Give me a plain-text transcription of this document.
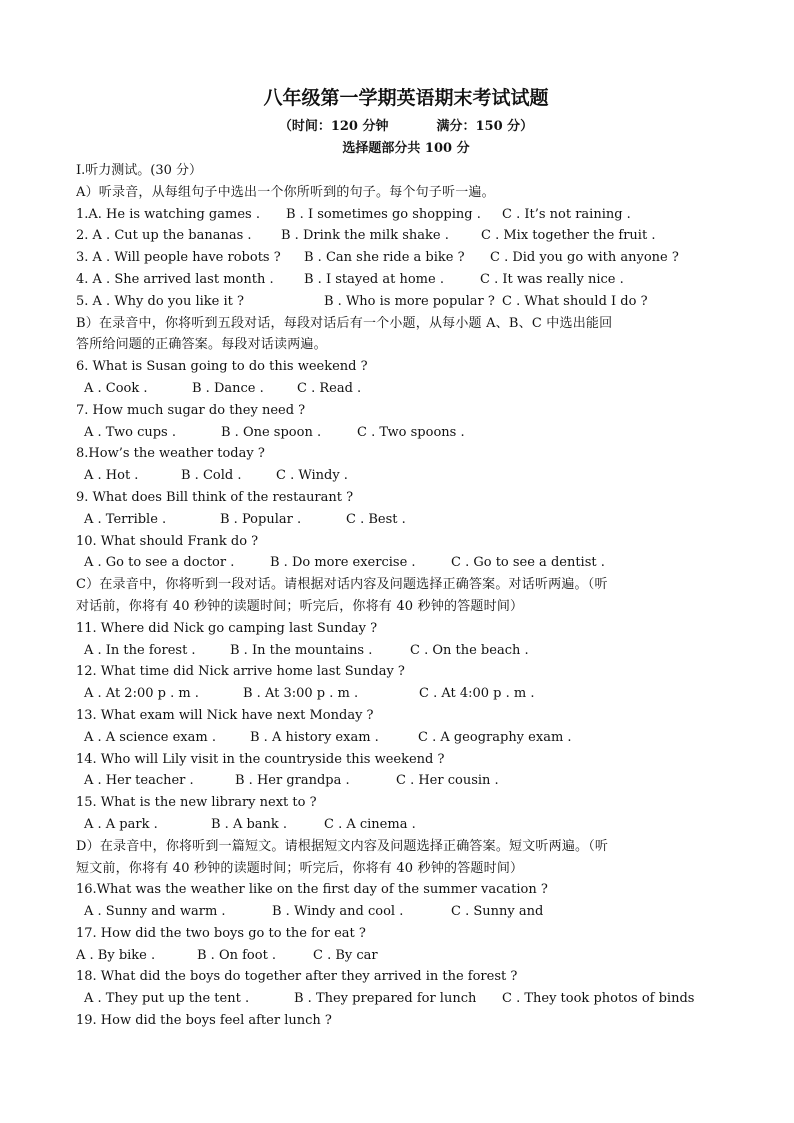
八年级第一学期英语期末考试试题
（时间：120 分钟	满分：150 分）
选择题部分共 100 分
I.听力测试。(30 分）
A）听录音，从每组句子中选出一个你所听到的句子。每个句子听一遍。
1.A. He is watching games . B . I sometimes go shopping . C . It’s not raining .
2. A . Cut up the bananas . B . Drink the milk shake . C . Mix together the fruit .
3. A . Will people have robots ? B . Can she ride a bike ? C . Did you go with anyone ?
4. A . She arrived last month . B . I stayed at home .	C . It was really nice .
5. A . Why do you like it ?	B . Who is more popular ? C . What should I do ?
B）在录音中，你将听到五段对话，每段对话后有一个小题，从每小题 A、B、C 中选出能回
答所给问题的正确答案。每段对话读两遍。
6. What is Susan going to do this weekend ?
A . Cook .	B . Dance .	C . Read .
7. How much sugar do they need ?
A . Two cups .	B . One spoon .	C . Two spoons .
8.How’s the weather today ?
A . Hot .	B . Cold .	C . Windy .
9. What does Bill think of the restaurant ?
A . Terrible .	B . Popular .	C . Best .
10. What should Frank do ?
A . Go to see a doctor .	B . Do more exercise .	C . Go to see a dentist .
C）在录音中，你将听到一段对话。请根据对话内容及问题选择正确答案。对话听两遍。（听
对话前，你将有 40 秒钟的读题时间；听完后，你将有 40 秒钟的答题时间）
11. Where did Nick go camping last Sunday ?
A . In the forest .	B . In the mountains .	C . On the beach .
12. What time did Nick arrive home last Sunday ?
A . At 2:00 p . m .	B . At 3:00 p . m .	C . At 4:00 p . m .
13. What exam will Nick have next Monday ?
A . A science exam .	B . A history exam .	C . A geography exam .
14. Who will Lily visit in the countryside this weekend ?
A . Her teacher .	B . Her grandpa .	C . Her cousin .
15. What is the new library next to ?
A . A park .	B . A bank .	C . A cinema .
D）在录音中，你将听到一篇短文。请根据短文内容及问题选择正确答案。短文听两遍。（听
短文前，你将有 40 秒钟的读题时间；听完后，你将有 40 秒钟的答题时间）
16.What was the weather like on the first day of the summer vacation ?
A . Sunny and warm .	B . Windy and cool .	C . Sunny and
17. How did the two boys go to the for eat ?
A . By bike .	B . On foot .	C . By car
18. What did the boys do together after they arrived in the forest ?
A . They put up the tent .	B . They prepared for lunch C . They took photos of binds
19. How did the boys feel after lunch ?
